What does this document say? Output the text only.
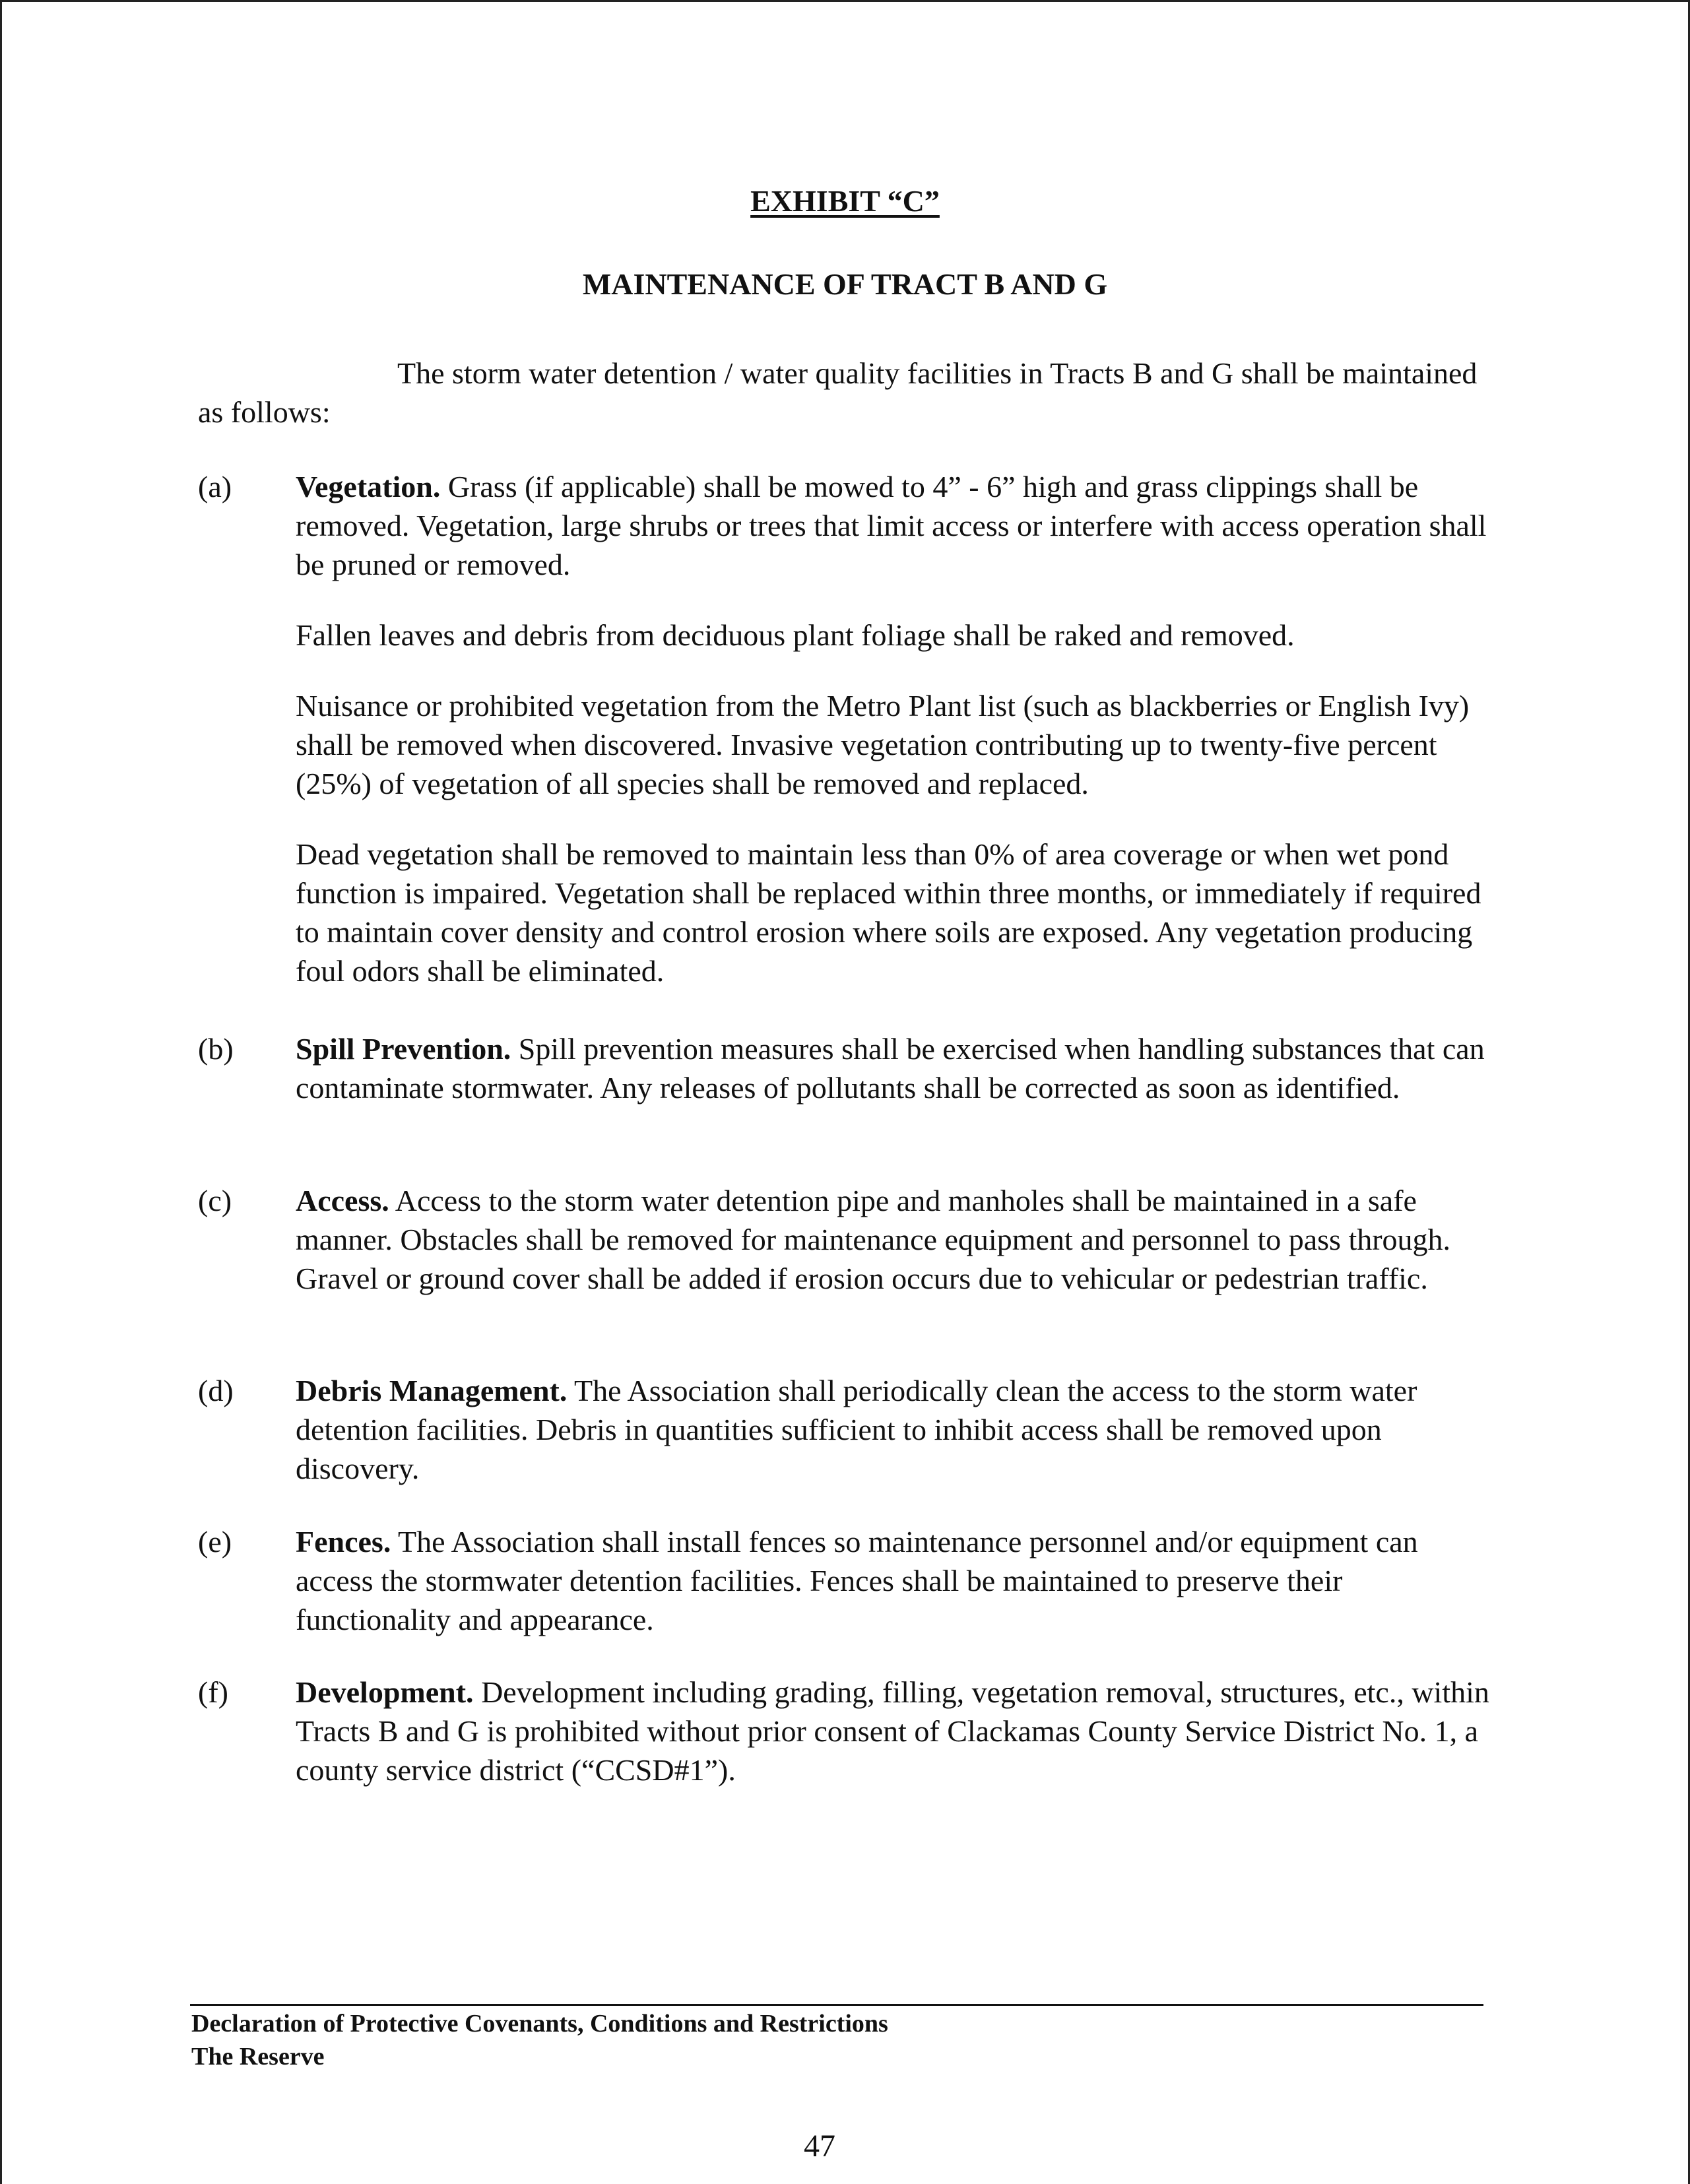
EXHIBIT “C”
MAINTENANCE OF TRACT B AND G
The storm water detention / water quality facilities in Tracts B and G shall be maintained as follows:
(a) Vegetation. Grass (if applicable) shall be mowed to 4” - 6” high and grass clippings shall be removed. Vegetation, large shrubs or trees that limit access or interfere with access operation shall be pruned or removed.

Fallen leaves and debris from deciduous plant foliage shall be raked and removed.

Nuisance or prohibited vegetation from the Metro Plant list (such as blackberries or English Ivy) shall be removed when discovered. Invasive vegetation contributing up to twenty-five percent (25%) of vegetation of all species shall be removed and replaced.

Dead vegetation shall be removed to maintain less than 0% of area coverage or when wet pond function is impaired. Vegetation shall be replaced within three months, or immediately if required to maintain cover density and control erosion where soils are exposed. Any vegetation producing foul odors shall be eliminated.

(b) Spill Prevention. Spill prevention measures shall be exercised when handling substances that can contaminate stormwater. Any releases of pollutants shall be corrected as soon as identified.

(c) Access. Access to the storm water detention pipe and manholes shall be maintained in a safe manner. Obstacles shall be removed for maintenance equipment and personnel to pass through. Gravel or ground cover shall be added if erosion occurs due to vehicular or pedestrian traffic.

(d) Debris Management. The Association shall periodically clean the access to the storm water detention facilities. Debris in quantities sufficient to inhibit access shall be removed upon discovery.

(e) Fences. The Association shall install fences so maintenance personnel and/or equipment can access the stormwater detention facilities. Fences shall be maintained to preserve their functionality and appearance.

(f) Development. Development including grading, filling, vegetation removal, structures, etc., within Tracts B and G is prohibited without prior consent of Clackamas County Service District No. 1, a county service district (“CCSD#1”).

Declaration of Protective Covenants, Conditions and Restrictions
The Reserve
47
